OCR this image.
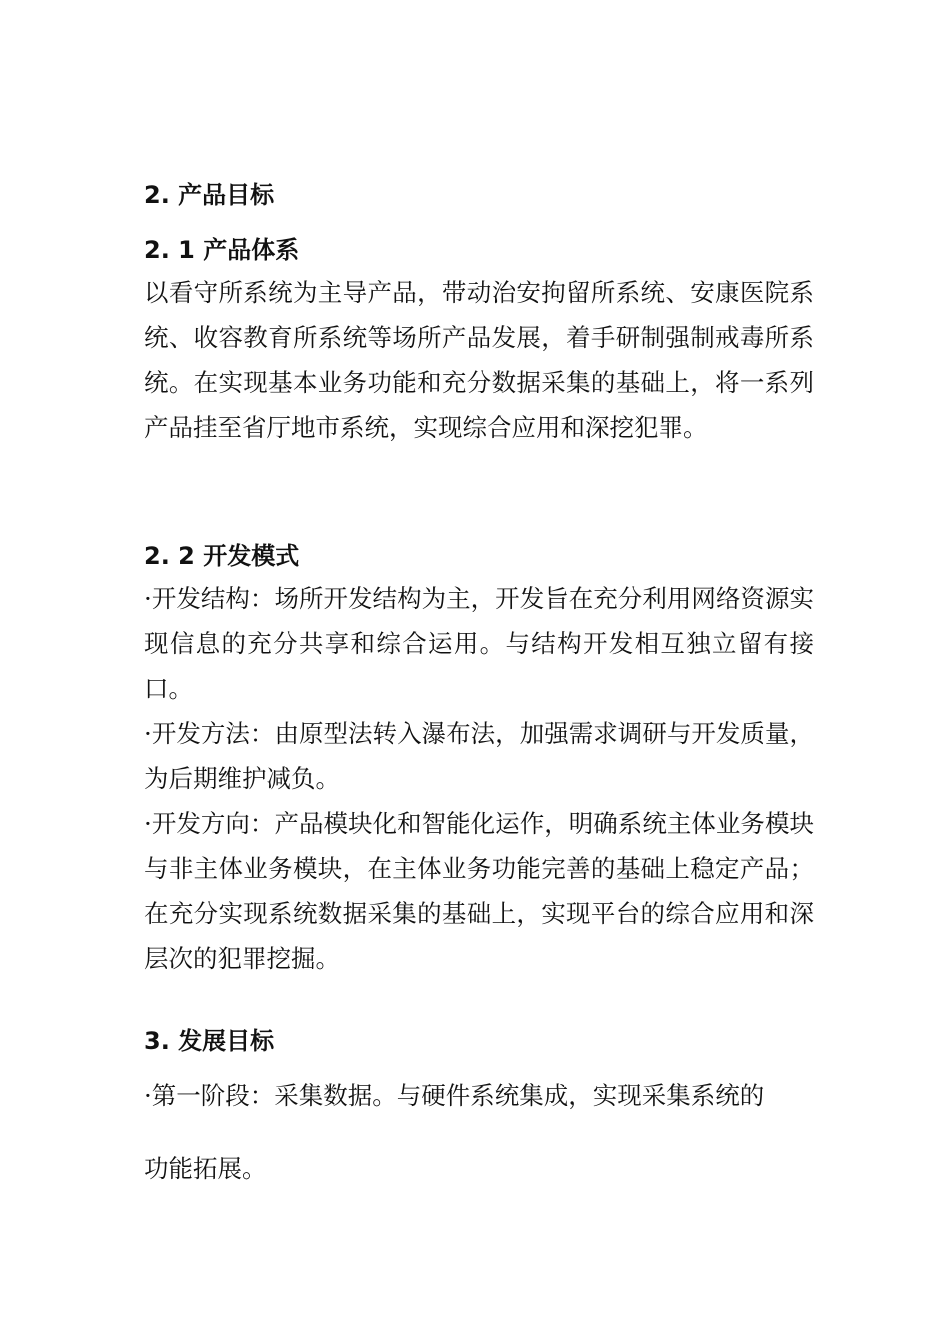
2. 产品目标
2. 1 产品体系

以看守所系统为主导产品，带动治安拘留所系统、安康医院系统、收容教育所系统等场所产品发展，着手研制强制戒毒所系统。在实现基本业务功能和充分数据采集的基础上，将一系列产品挂至省厅地市系统，实现综合应用和深挖犯罪。

2. 2 开发模式

·开发结构：场所开发结构为主，开发旨在充分利用网络资源实现信息的充分共享和综合运用。与结构开发相互独立留有接口。

·开发方法：由原型法转入瀑布法，加强需求调研与开发质量，为后期维护减负。

·开发方向：产品模块化和智能化运作，明确系统主体业务模块与非主体业务模块，在主体业务功能完善的基础上稳定产品；在充分实现系统数据采集的基础上，实现平台的综合应用和深层次的犯罪挖掘。

3. 发展目标

·第一阶段：采集数据。与硬件系统集成，实现采集系统的

功能拓展。
